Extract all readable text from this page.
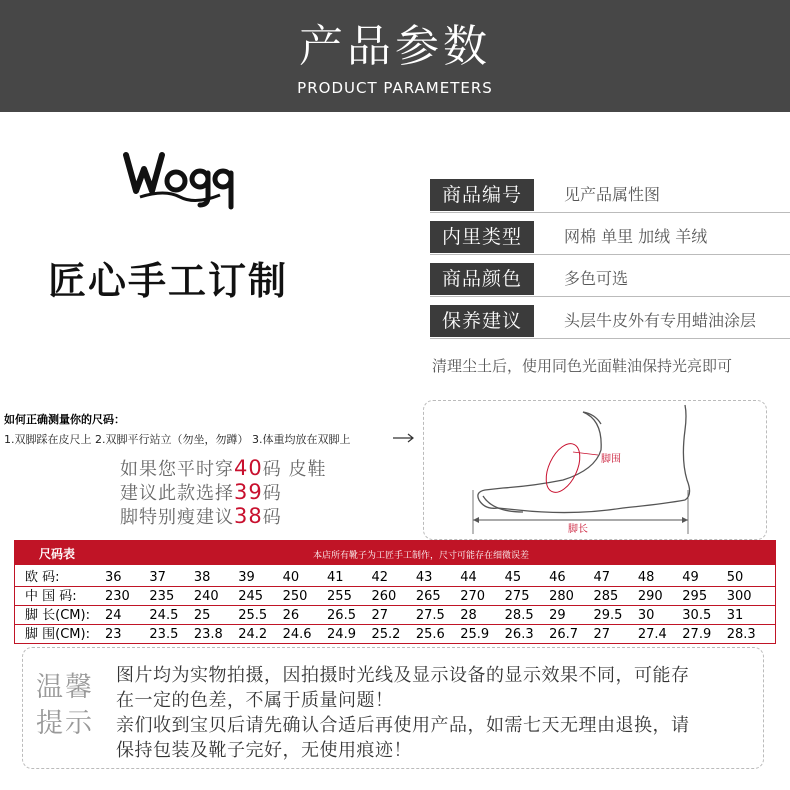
产品参数
PRODUCT PARAMETERS
匠心手工订制
商品编号	见产品属性图
内里类型	网棉 单里 加绒 羊绒
商品颜色	多色可选
保养建议	头层牛皮外有专用蜡油涂层
清理尘土后，使用同色光面鞋油保持光亮即可
如何正确测量你的尺码：
1.双脚踩在皮尺上 2.双脚平行站立（勿坐，勿蹲） 3.体重均放在双脚上
如果您平时穿40码 皮鞋
建议此款选择39码
脚特别瘦建议38码
脚围
脚长
尺码表	本店所有靴子为工匠手工制作，尺寸可能存在细微误差
欧 码:	36	37	38	39	40	41	42	43	44	45	46	47	48	49	50
中 国 码: 230	235	240	245	250	255	260	265	270	275	280	285	290	295	300
脚 长(CM): 24	24.5	25	25.5	26	26.5	27	27.5	28	28.5	29	29.5	30	30.5	31
脚 围(CM): 23	23.5	23.8	24.2	24.6	24.9	25.2	25.6	25.9	26.3	26.7	27	27.4	27.9	28.3
温馨提示
图片均为实物拍摄，因拍摄时光线及显示设备的显示效果不同，可能存
在一定的色差，不属于质量问题！
亲们收到宝贝后请先确认合适后再使用产品，如需七天无理由退换，请
保持包装及靴子完好，无使用痕迹！
